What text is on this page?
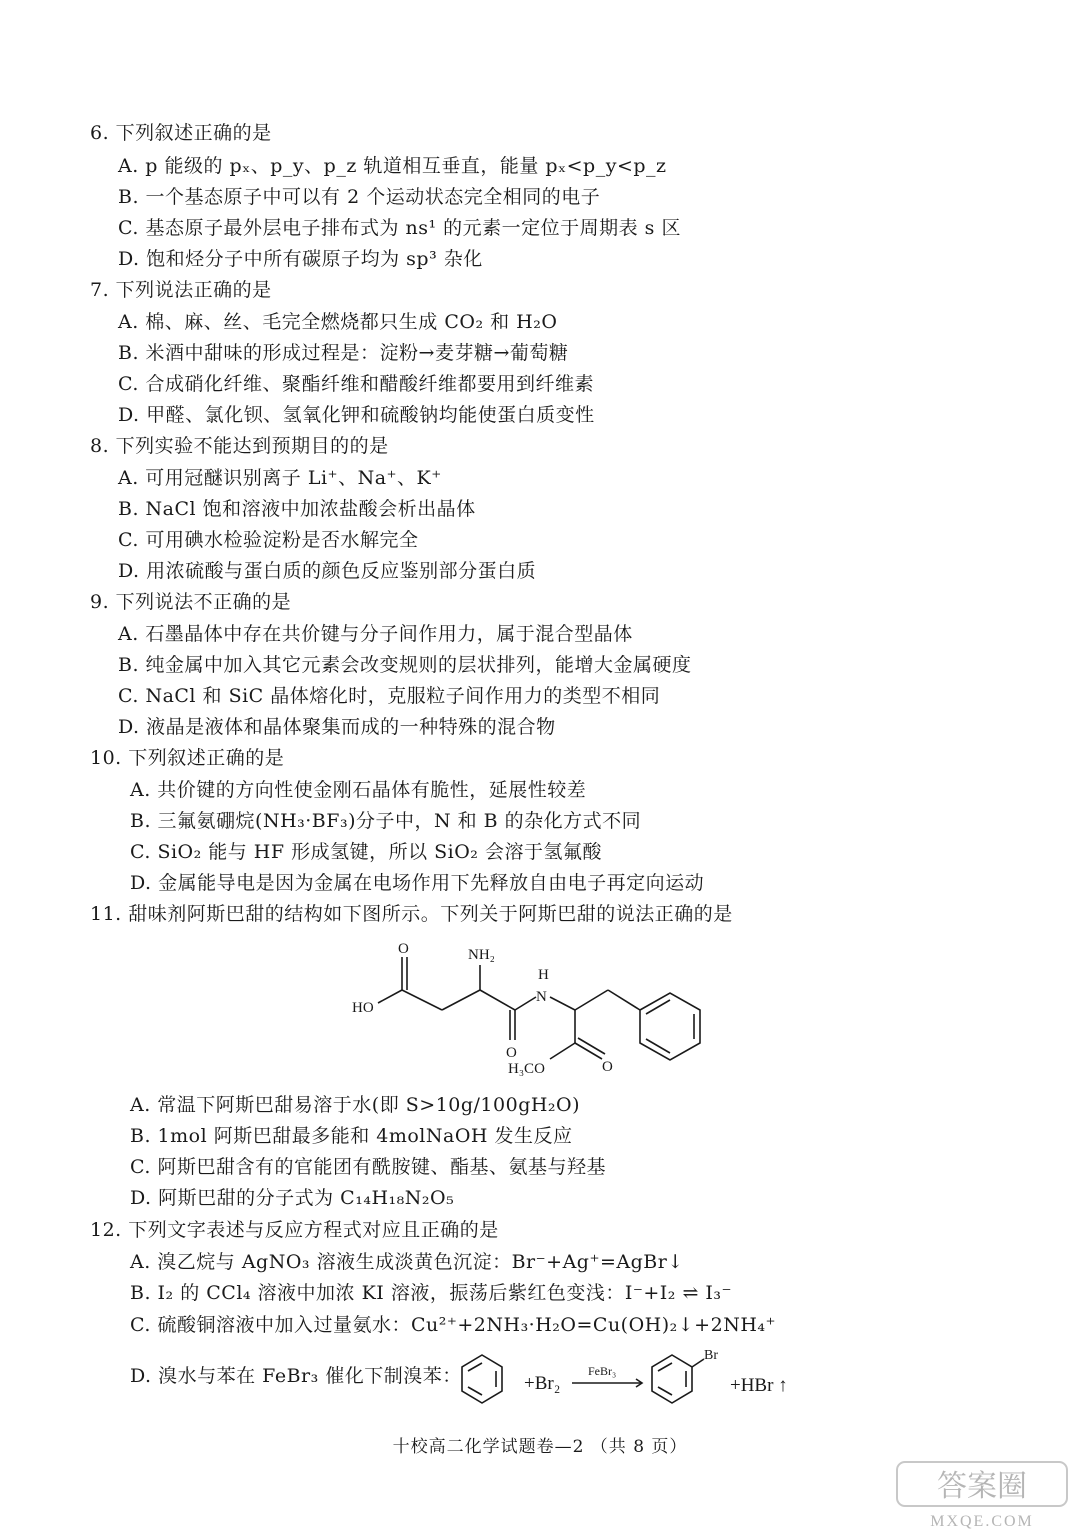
6. 下列叙述正确的是
A. p 能级的 pₓ、p_y、p_z 轨道相互垂直，能量 pₓ<p_y<p_z
B. 一个基态原子中可以有 2 个运动状态完全相同的电子
C. 基态原子最外层电子排布式为 ns¹ 的元素一定位于周期表 s 区
D. 饱和烃分子中所有碳原子均为 sp³ 杂化
7. 下列说法正确的是
A. 棉、麻、丝、毛完全燃烧都只生成 CO₂ 和 H₂O
B. 米酒中甜味的形成过程是：淀粉→麦芽糖→葡萄糖
C. 合成硝化纤维、聚酯纤维和醋酸纤维都要用到纤维素
D. 甲醛、氯化钡、氢氧化钾和硫酸钠均能使蛋白质变性
8. 下列实验不能达到预期目的的是
A. 可用冠醚识别离子 Li⁺、Na⁺、K⁺
B. NaCl 饱和溶液中加浓盐酸会析出晶体
C. 可用碘水检验淀粉是否水解完全
D. 用浓硫酸与蛋白质的颜色反应鉴别部分蛋白质
9. 下列说法不正确的是
A. 石墨晶体中存在共价键与分子间作用力，属于混合型晶体
B. 纯金属中加入其它元素会改变规则的层状排列，能增大金属硬度
C. NaCl 和 SiC 晶体熔化时，克服粒子间作用力的类型不相同
D. 液晶是液体和晶体聚集而成的一种特殊的混合物
10. 下列叙述正确的是
A. 共价键的方向性使金刚石晶体有脆性，延展性较差
B. 三氟氨硼烷(NH₃·BF₃)分子中，N 和 B 的杂化方式不同
C. SiO₂ 能与 HF 形成氢键，所以 SiO₂ 会溶于氢氟酸
D. 金属能导电是因为金属在电场作用下先释放自由电子再定向运动
11. 甜味剂阿斯巴甜的结构如下图所示。下列关于阿斯巴甜的说法正确的是
O	NH₂
H
N
HO
O
H₃CO	O
A. 常温下阿斯巴甜易溶于水(即 S>10g/100gH₂O)
B. 1mol 阿斯巴甜最多能和 4molNaOH 发生反应
C. 阿斯巴甜含有的官能团有酰胺键、酯基、氨基与羟基
D. 阿斯巴甜的分子式为 C₁₄H₁₈N₂O₅
12. 下列文字表述与反应方程式对应且正确的是
A. 溴乙烷与 AgNO₃ 溶液生成淡黄色沉淀：Br⁻+Ag⁺=AgBr↓
B. I₂ 的 CCl₄ 溶液中加浓 KI 溶液，振荡后紫红色变浅：I⁻+I₂ ⇌ I₃⁻
C. 硫酸铜溶液中加入过量氨水：Cu²⁺+2NH₃·H₂O=Cu(OH)₂↓+2NH₄⁺
D. 溴水与苯在 FeBr₃ 催化下制溴苯：	+Br₂
FeBr₃
Br
+HBr ↑
十校高二化学试题卷—2 （共 8 页）
答案圈
MXQE.COM
